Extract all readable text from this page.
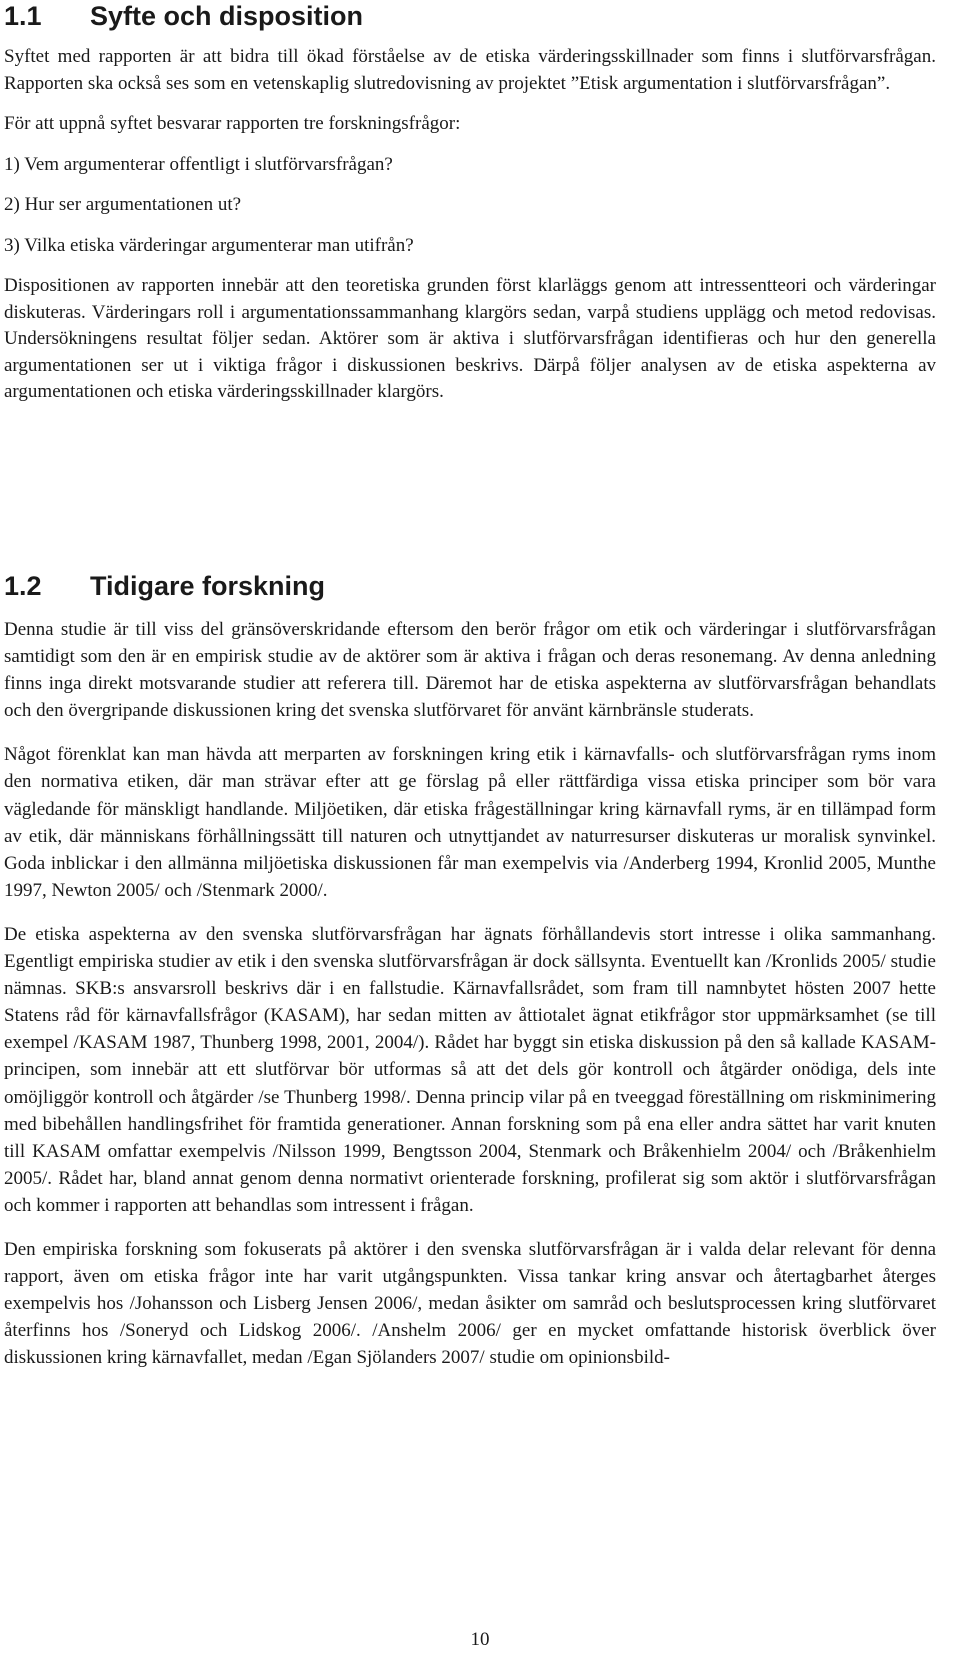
1.1 Syfte och disposition

Syftet med rapporten är att bidra till ökad förståelse av de etiska värderingsskillnader som finns i slutförvarsfrågan. Rapporten ska också ses som en vetenskaplig slutredovisning av projektet ”Etisk argumentation i slutförvarsfrågan”.

För att uppnå syftet besvarar rapporten tre forskningsfrågor:

1) Vem argumenterar offentligt i slutförvarsfrågan?

2) Hur ser argumentationen ut?

3) Vilka etiska värderingar argumenterar man utifrån?

Dispositionen av rapporten innebär att den teoretiska grunden först klarläggs genom att intressentteori och värderingar diskuteras. Värderingars roll i argumentationssammanhang klargörs sedan, varpå studiens upplägg och metod redovisas. Undersökningens resultat följer sedan. Aktörer som är aktiva i slutförvarsfrågan identifieras och hur den generella argumentationen ser ut i viktiga frågor i diskussionen beskrivs. Därpå följer analysen av de etiska aspekterna av argumentationen och etiska värderingsskillnader klargörs.

1.2 Tidigare forskning

Denna studie är till viss del gränsöverskridande eftersom den berör frågor om etik och värderingar i slutförvarsfrågan samtidigt som den är en empirisk studie av de aktörer som är aktiva i frågan och deras resonemang. Av denna anledning finns inga direkt motsvarande studier att referera till. Däremot har de etiska aspekterna av slutförvarsfrågan behandlats och den övergripande diskussionen kring det svenska slutförvaret för använt kärnbränsle studerats.

Något förenklat kan man hävda att merparten av forskningen kring etik i kärnavfalls- och slutförvarsfrågan ryms inom den normativa etiken, där man strävar efter att ge förslag på eller rättfärdiga vissa etiska principer som bör vara vägledande för mänskligt handlande. Miljöetiken, där etiska frågeställningar kring kärnavfall ryms, är en tillämpad form av etik, där människans förhållningssätt till naturen och utnyttjandet av naturresurser diskuteras ur moralisk synvinkel. Goda inblickar i den allmänna miljöetiska diskussionen får man exempelvis via /Anderberg 1994, Kronlid 2005, Munthe 1997, Newton 2005/ och /Stenmark 2000/.

De etiska aspekterna av den svenska slutförvarsfrågan har ägnats förhållandevis stort intresse i olika sammanhang. Egentligt empiriska studier av etik i den svenska slutförvarsfrågan är dock sällsynta. Eventuellt kan /Kronlids 2005/ studie nämnas. SKB:s ansvarsroll beskrivs där i en fallstudie. Kärnavfallsrådet, som fram till namnbytet hösten 2007 hette Statens råd för kärnavfallsfrågor (KASAM), har sedan mitten av åttiotalet ägnat etikfrågor stor uppmärksamhet (se till exempel /KASAM 1987, Thunberg 1998, 2001, 2004/). Rådet har byggt sin etiska diskussion på den så kallade KASAM-principen, som innebär att ett slutförvar bör utformas så att det dels gör kontroll och åtgärder onödiga, dels inte omöjliggör kontroll och åtgärder /se Thunberg 1998/. Denna princip vilar på en tveeggad föreställning om riskminimering med bibehållen handlingsfrihet för framtida generationer. Annan forskning som på ena eller andra sättet har varit knuten till KASAM omfattar exempelvis /Nilsson 1999, Bengtsson 2004, Stenmark och Bråkenhielm 2004/ och /Bråkenhielm 2005/. Rådet har, bland annat genom denna normativt orienterade forskning, profilerat sig som aktör i slutförvarsfrågan och kommer i rapporten att behandlas som intressent i frågan.

Den empiriska forskning som fokuserats på aktörer i den svenska slutförvarsfrågan är i valda delar relevant för denna rapport, även om etiska frågor inte har varit utgångspunkten. Vissa tankar kring ansvar och återtagbarhet återges exempelvis hos /Johansson och Lisberg Jensen 2006/, medan åsikter om samråd och beslutsprocessen kring slutförvaret återfinns hos /Soneryd och Lidskog 2006/. /Anshelm 2006/ ger en mycket omfattande historisk överblick över diskussionen kring kärnavfallet, medan /Egan Sjölanders 2007/ studie om opinionsbild-

10
